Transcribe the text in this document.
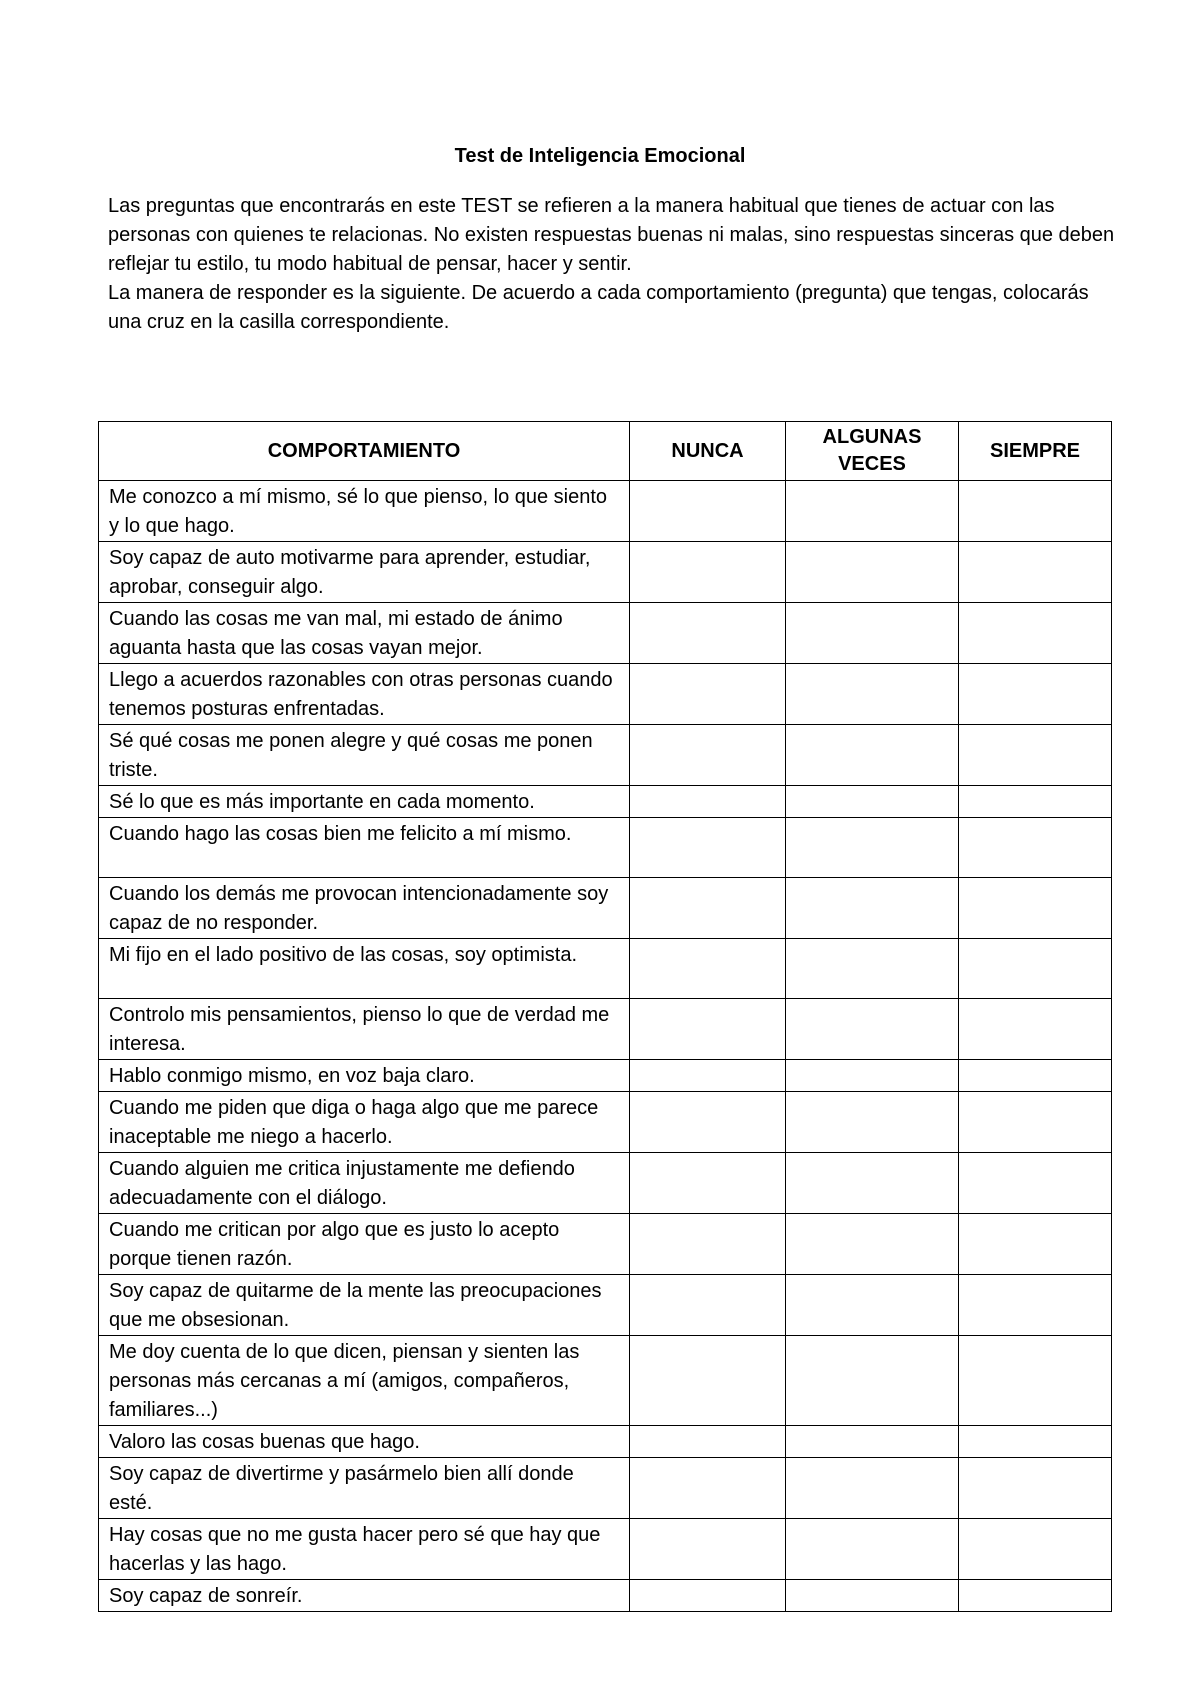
Test de Inteligencia Emocional

Las preguntas que encontrarás en este TEST se refieren a la manera habitual que tienes de actuar con las personas con quienes te relacionas. No existen respuestas buenas ni malas, sino respuestas sinceras que deben reflejar tu estilo, tu modo habitual de pensar, hacer y sentir.

La manera de responder es la siguiente. De acuerdo a cada comportamiento (pregunta) que tengas, colocarás una cruz en la casilla correspondiente.

COMPORTAMIENTO	NUNCA	ALGUNAS VECES	SIEMPRE
Me conozco a mí mismo, sé lo que pienso, lo que siento y lo que hago.			
Soy capaz de auto motivarme para aprender, estudiar, aprobar, conseguir algo.			
Cuando las cosas me van mal, mi estado de ánimo aguanta hasta que las cosas vayan mejor.			
Llego a acuerdos razonables con otras personas cuando tenemos posturas enfrentadas.			
Sé qué cosas me ponen alegre y qué cosas me ponen triste.			
Sé lo que es más importante en cada momento.			
Cuando hago las cosas bien me felicito a mí mismo.			
Cuando los demás me provocan intencionadamente soy capaz de no responder.			
Mi fijo en el lado positivo de las cosas, soy optimista.			
Controlo mis pensamientos, pienso lo que de verdad me interesa.			
Hablo conmigo mismo, en voz baja claro.			
Cuando me piden que diga o haga algo que me parece inaceptable me niego a hacerlo.			
Cuando alguien me critica injustamente me defiendo adecuadamente con el diálogo.			
Cuando me critican por algo que es justo lo acepto porque tienen razón.			
Soy capaz de quitarme de la mente las preocupaciones que me obsesionan.			
Me doy cuenta de lo que dicen, piensan y sienten las personas más cercanas a mí (amigos, compañeros, familiares...)			
Valoro las cosas buenas que hago.			
Soy capaz de divertirme y pasármelo bien allí donde esté.			
Hay cosas que no me gusta hacer pero sé que hay que hacerlas y las hago.			
Soy capaz de sonreír.			
